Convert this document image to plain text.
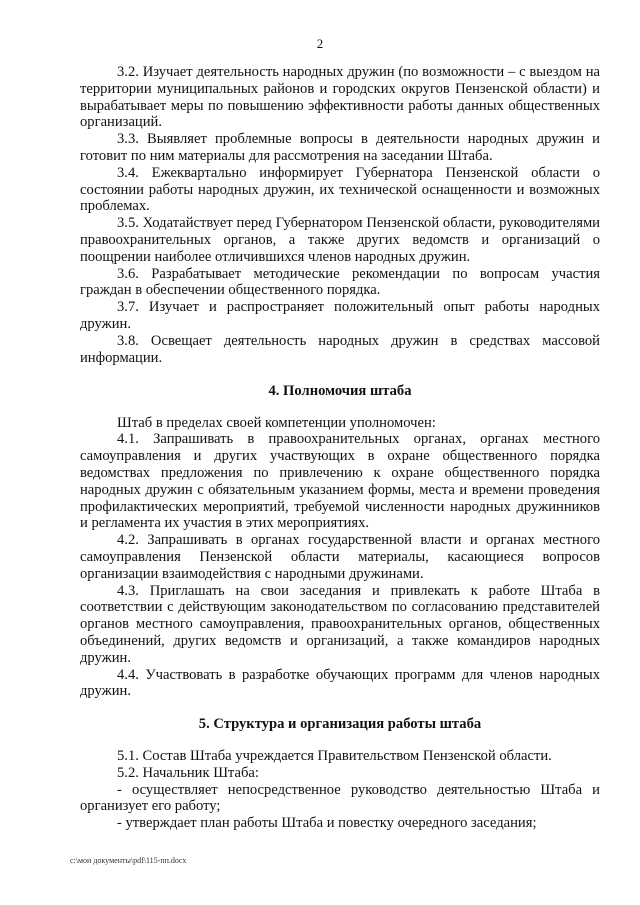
2

3.2. Изучает деятельность народных дружин (по возможности – с выездом на территории муниципальных районов и городских округов Пензенской области) и вырабатывает меры по повышению эффективности работы данных общественных организаций.

3.3. Выявляет проблемные вопросы в деятельности народных дружин и готовит по ним материалы для рассмотрения на заседании Штаба.

3.4. Ежеквартально информирует Губернатора Пензенской области о состоянии работы народных дружин, их технической оснащенности и возможных проблемах.

3.5. Ходатайствует перед Губернатором Пензенской области, руководителями правоохранительных органов, а также других ведомств и организаций о поощрении наиболее отличившихся членов народных дружин.

3.6. Разрабатывает методические рекомендации по вопросам участия граждан в обеспечении общественного порядка.

3.7. Изучает и распространяет положительный опыт работы народных дружин.

3.8. Освещает деятельность народных дружин в средствах массовой информации.

4. Полномочия штаба

Штаб в пределах своей компетенции уполномочен:

4.1. Запрашивать в правоохранительных органах, органах местного самоуправления и других участвующих в охране общественного порядка ведомствах предложения по привлечению к охране общественного порядка народных дружин с обязательным указанием формы, места и времени проведения профилактических мероприятий, требуемой численности народных дружинников и регламента их участия в этих мероприятиях.

4.2. Запрашивать в органах государственной власти и органах местного самоуправления Пензенской области материалы, касающиеся вопросов организации взаимодействия с народными дружинами.

4.3. Приглашать на свои заседания и привлекать к работе Штаба в соответствии с действующим законодательством по согласованию представителей органов местного самоуправления, правоохранительных органов, общественных объединений, других ведомств и организаций, а также командиров народных дружин.

4.4. Участвовать в разработке обучающих программ для членов народных дружин.

5. Структура и организация работы штаба

5.1. Состав Штаба учреждается Правительством Пензенской области.

5.2. Начальник Штаба:

- осуществляет непосредственное руководство деятельностью Штаба и организует его работу;

- утверждает план работы Штаба и повестку очередного заседания;

c:\мои документы\pdf\115-пп.docx
